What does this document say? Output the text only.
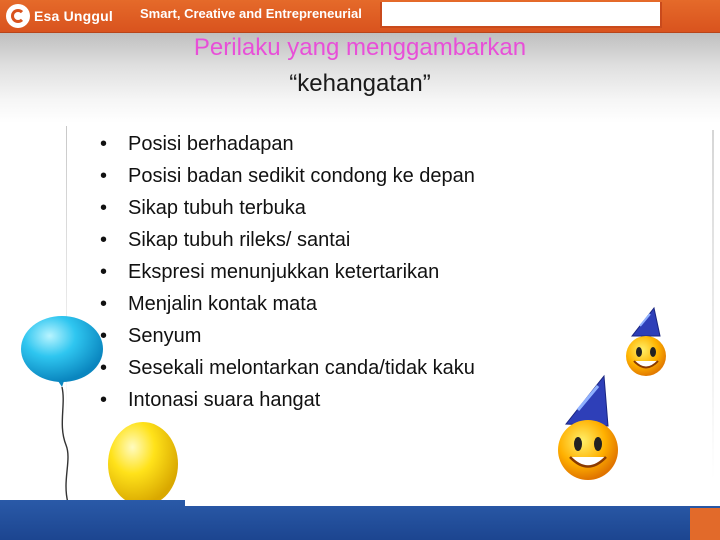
Esa Unggul Smart, Creative and Entrepreneurial
Perilaku yang menggambarkan
“kehangatan”
•	Posisi berhadapan
•	Posisi badan sedikit condong ke depan
•	Sikap tubuh terbuka
•	Sikap tubuh rileks/ santai
•	Ekspresi menunjukkan ketertarikan
•	Menjalin kontak mata
•	Senyum
•	Sesekali melontarkan canda/tidak kaku
•	Intonasi suara hangat
